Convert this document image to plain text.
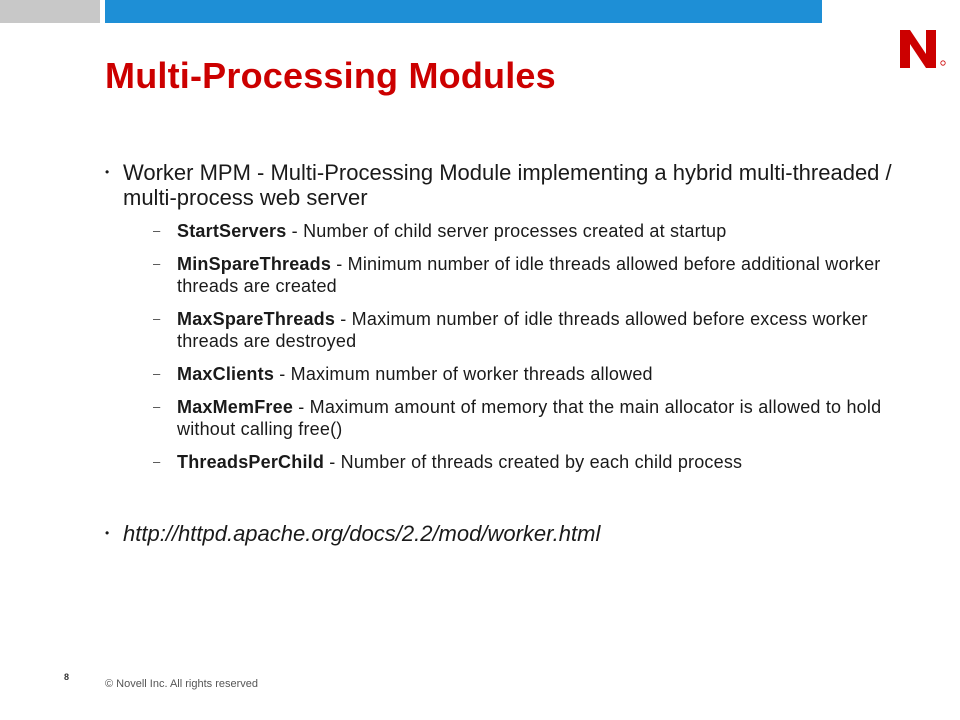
Multi-Processing Modules
• Worker MPM - Multi-Processing Module implementing a hybrid multi-threaded / multi-process web server
– StartServers - Number of child server processes created at startup
– MinSpareThreads - Minimum number of idle threads allowed before additional worker threads are created
– MaxSpareThreads - Maximum number of idle threads allowed before excess worker threads are destroyed
– MaxClients - Maximum number of worker threads allowed
– MaxMemFree - Maximum amount of memory that the main allocator is allowed to hold without calling free()
– ThreadsPerChild - Number of threads created by each child process
• http://httpd.apache.org/docs/2.2/mod/worker.html
8
© Novell Inc. All rights reserved
